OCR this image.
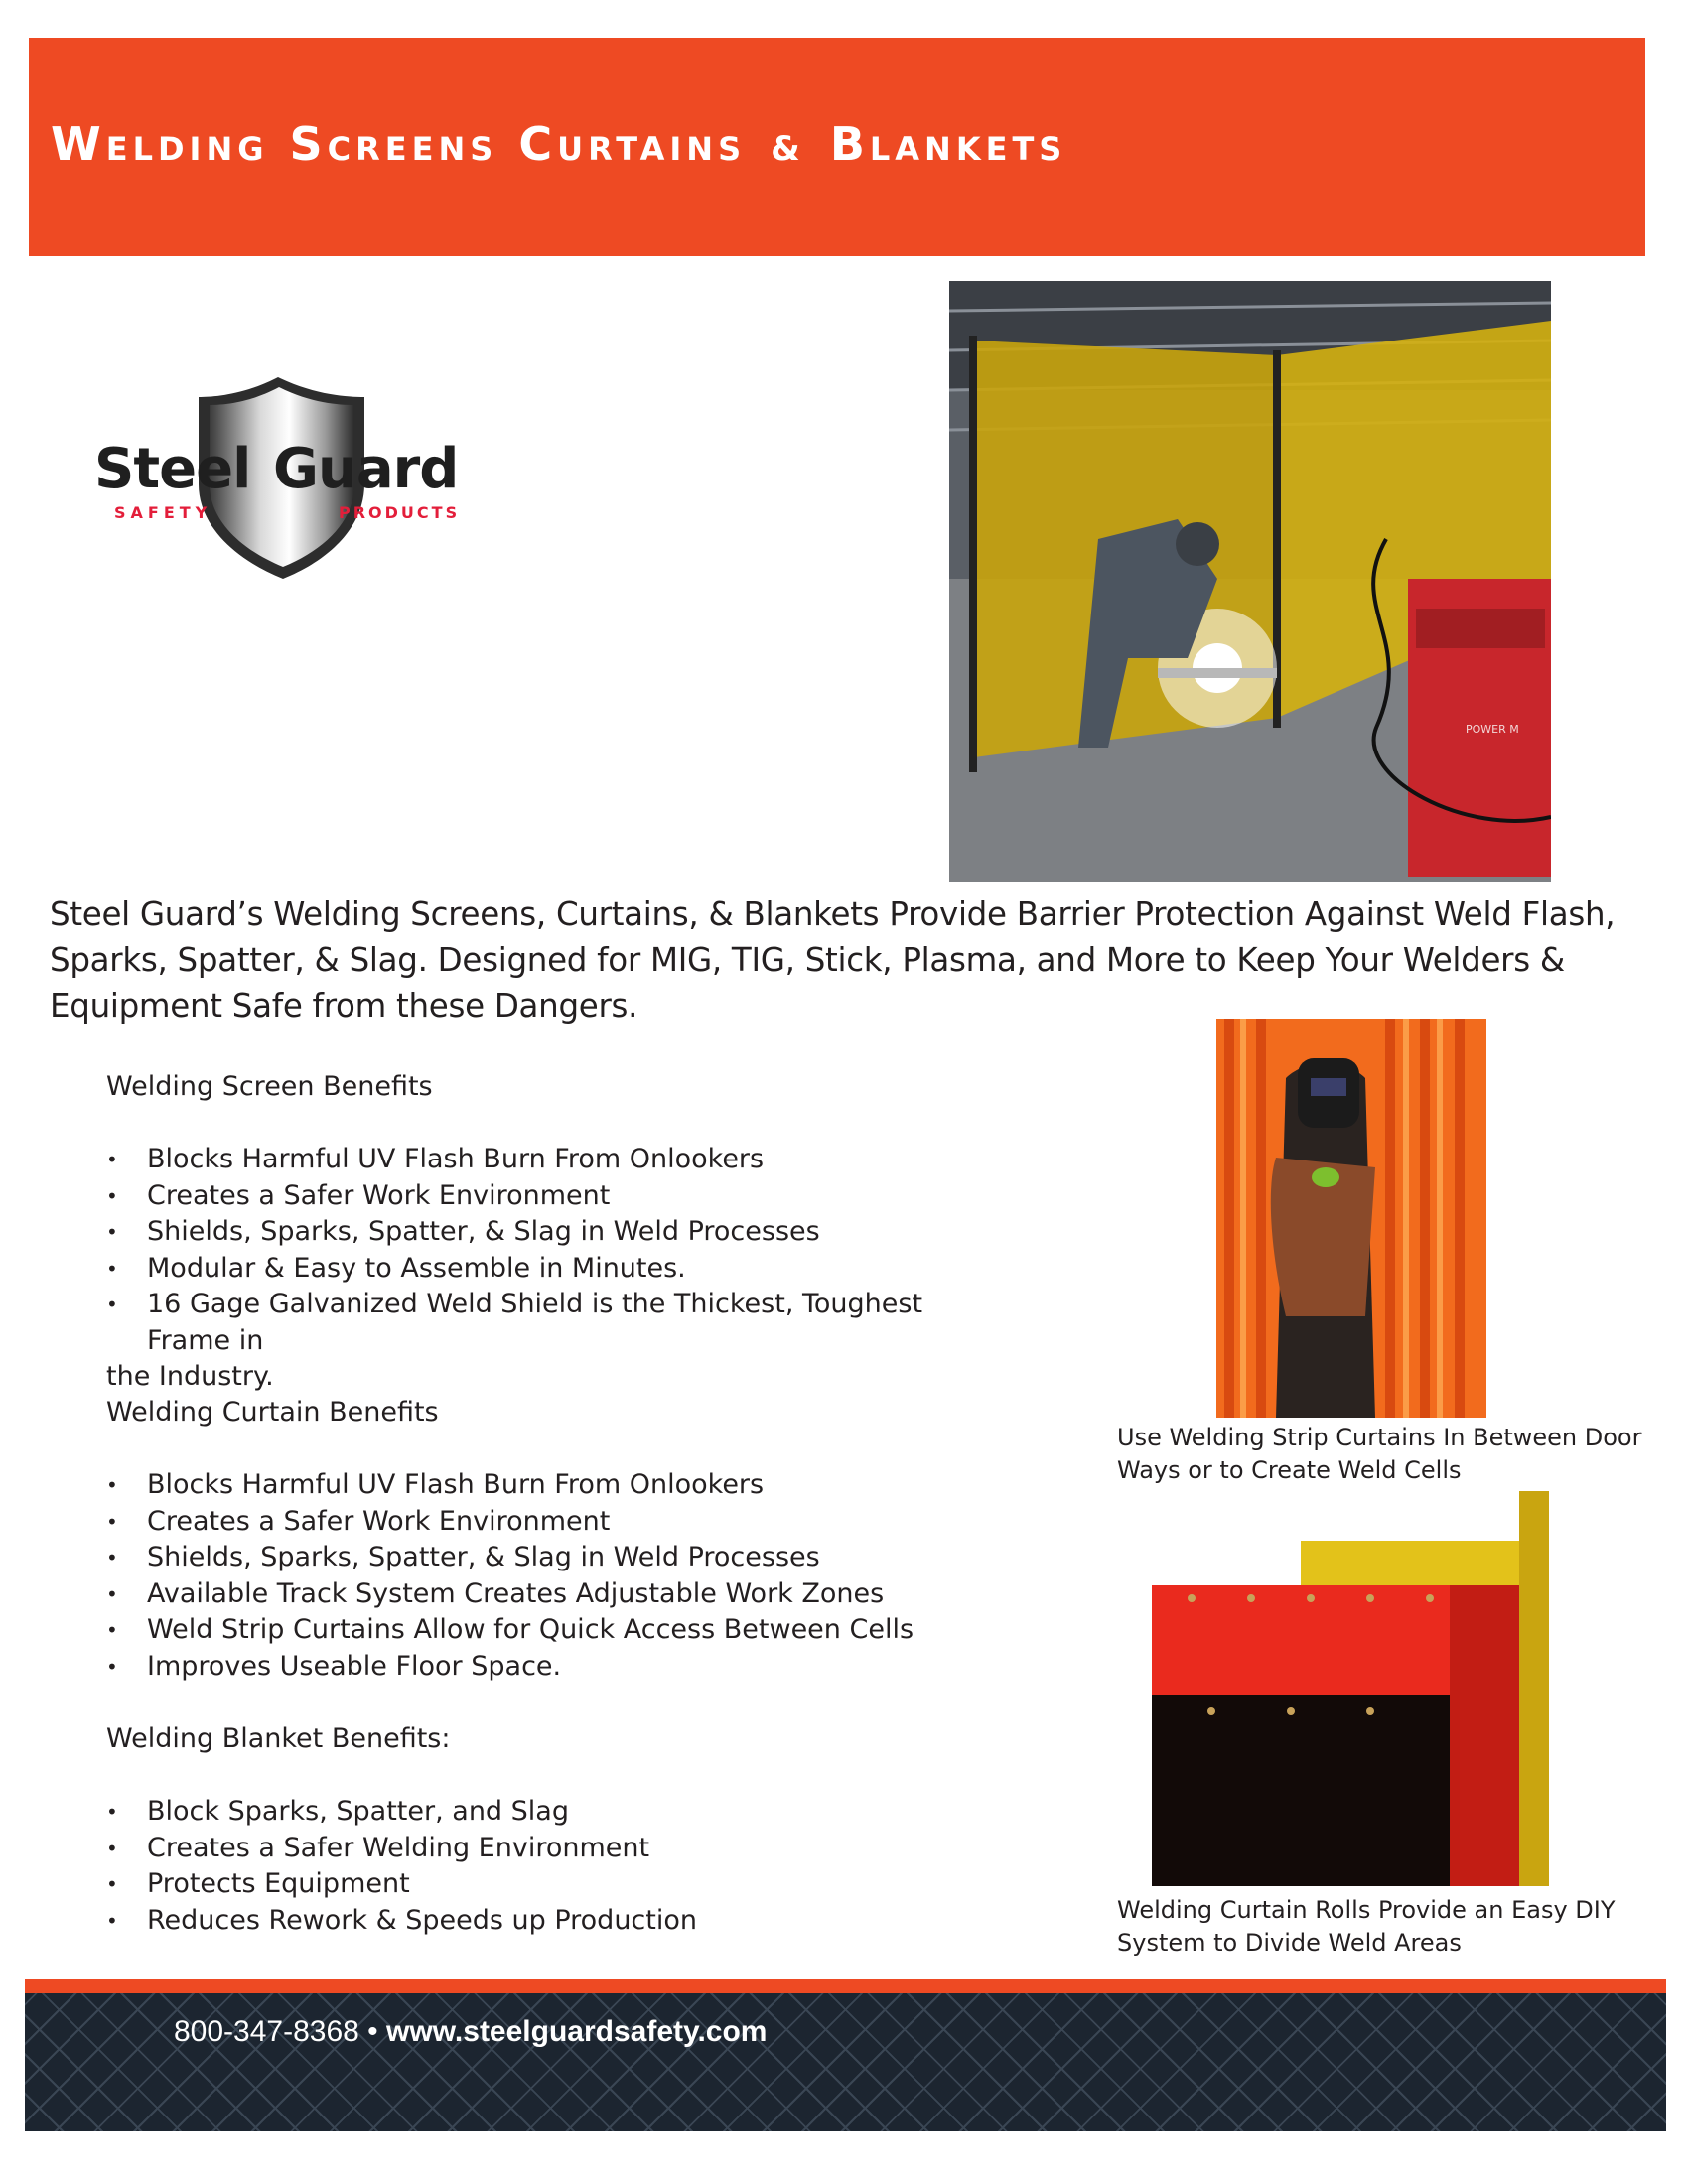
Welding Screens Curtains & Blankets
Steel Guard
SAFETY	PRODUCTS
POWER M
Steel Guard’s Welding Screens, Curtains, & Blankets Provide Barrier Protection Against Weld Flash, Sparks, Spatter, & Slag. Designed for MIG, TIG, Stick, Plasma, and More to Keep Your Welders & Equipment Safe from these Dangers.
Welding Screen Benefits
• Blocks Harmful UV Flash Burn From Onlookers
• Creates a Safer Work Environment
• Shields, Sparks, Spatter, & Slag in Weld Processes
• Modular & Easy to Assemble in Minutes.
• 16 Gage Galvanized Weld Shield is the Thickest, Toughest Frame in
the Industry.
Welding Curtain Benefits
• Blocks Harmful UV Flash Burn From Onlookers
• Creates a Safer Work Environment
• Shields, Sparks, Spatter, & Slag in Weld Processes
• Available Track System Creates Adjustable Work Zones
• Weld Strip Curtains Allow for Quick Access Between Cells
• Improves Useable Floor Space.
Welding Blanket Benefits:
• Block Sparks, Spatter, and Slag
• Creates a Safer Welding Environment
• Protects Equipment
• Reduces Rework & Speeds up Production
Use Welding Strip Curtains In Between Door Ways or to Create Weld Cells
Welding Curtain Rolls Provide an Easy DIY System to Divide Weld Areas
800-347-8368 • www.steelguardsafety.com
